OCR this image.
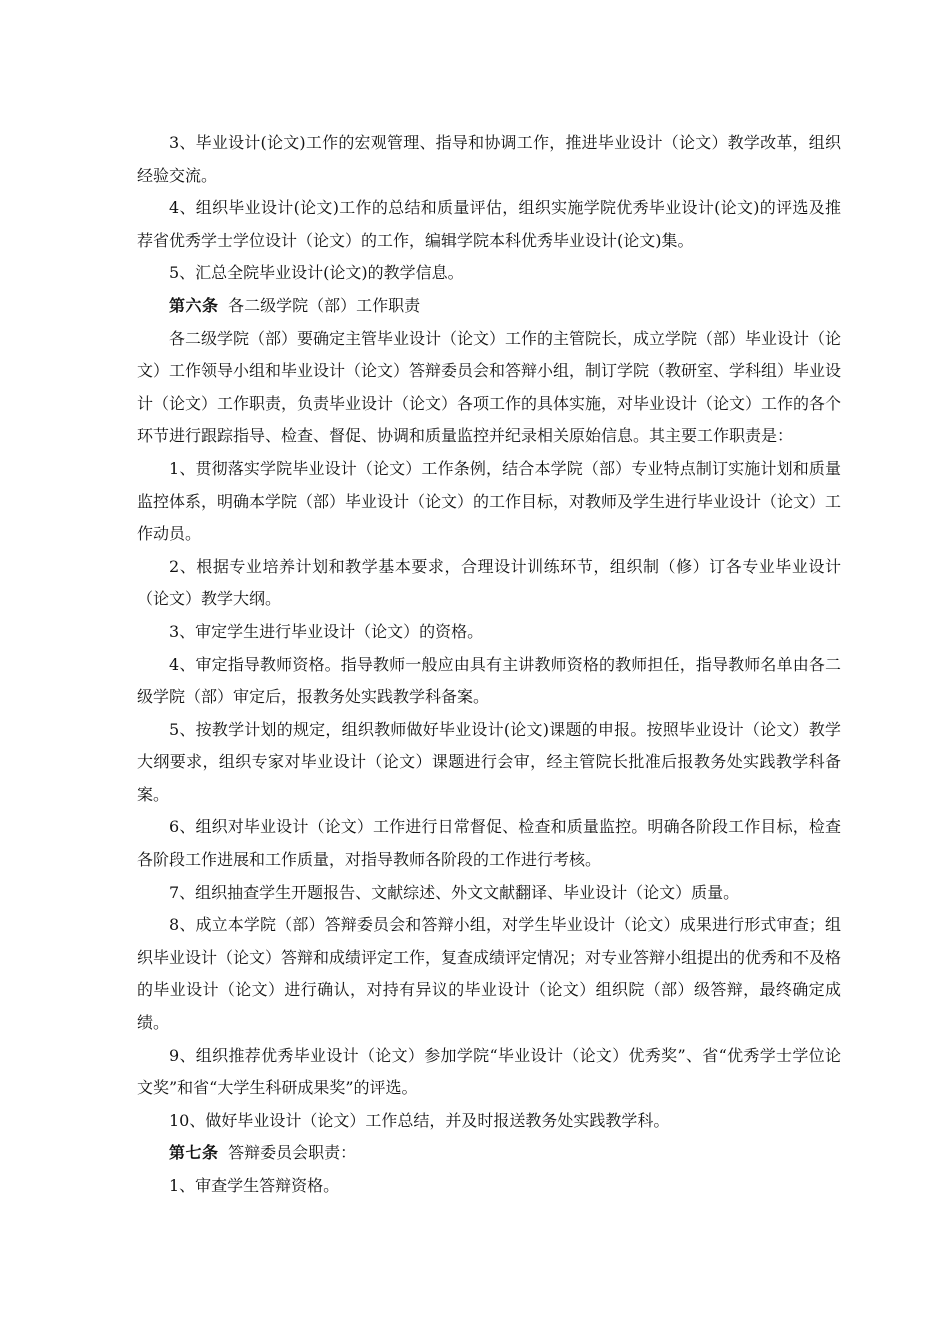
3、毕业设计(论文)工作的宏观管理、指导和协调工作，推进毕业设计（论文）教学改革，组织经验交流。

4、组织毕业设计(论文)工作的总结和质量评估，组织实施学院优秀毕业设计(论文)的评选及推荐省优秀学士学位设计（论文）的工作，编辑学院本科优秀毕业设计(论文)集。

5、汇总全院毕业设计(论文)的教学信息。

第六条 各二级学院（部）工作职责

各二级学院（部）要确定主管毕业设计（论文）工作的主管院长，成立学院（部）毕业设计（论文）工作领导小组和毕业设计（论文）答辩委员会和答辩小组，制订学院（教研室、学科组）毕业设计（论文）工作职责，负责毕业设计（论文）各项工作的具体实施，对毕业设计（论文）工作的各个环节进行跟踪指导、检查、督促、协调和质量监控并纪录相关原始信息。其主要工作职责是：

1、贯彻落实学院毕业设计（论文）工作条例，结合本学院（部）专业特点制订实施计划和质量监控体系，明确本学院（部）毕业设计（论文）的工作目标，对教师及学生进行毕业设计（论文）工作动员。

2、根据专业培养计划和教学基本要求，合理设计训练环节，组织制（修）订各专业毕业设计（论文）教学大纲。

3、审定学生进行毕业设计（论文）的资格。

4、审定指导教师资格。指导教师一般应由具有主讲教师资格的教师担任，指导教师名单由各二级学院（部）审定后，报教务处实践教学科备案。

5、按教学计划的规定，组织教师做好毕业设计(论文)课题的申报。按照毕业设计（论文）教学大纲要求，组织专家对毕业设计（论文）课题进行会审，经主管院长批准后报教务处实践教学科备案。

6、组织对毕业设计（论文）工作进行日常督促、检查和质量监控。明确各阶段工作目标，检查各阶段工作进展和工作质量，对指导教师各阶段的工作进行考核。

7、组织抽查学生开题报告、文献综述、外文文献翻译、毕业设计（论文）质量。

8、成立本学院（部）答辩委员会和答辩小组，对学生毕业设计（论文）成果进行形式审查；组织毕业设计（论文）答辩和成绩评定工作，复查成绩评定情况；对专业答辩小组提出的优秀和不及格的毕业设计（论文）进行确认，对持有异议的毕业设计（论文）组织院（部）级答辩，最终确定成绩。

9、组织推荐优秀毕业设计（论文）参加学院“毕业设计（论文）优秀奖”、省“优秀学士学位论文奖”和省“大学生科研成果奖”的评选。

10、做好毕业设计（论文）工作总结，并及时报送教务处实践教学科。

第七条 答辩委员会职责：

1、审查学生答辩资格。
